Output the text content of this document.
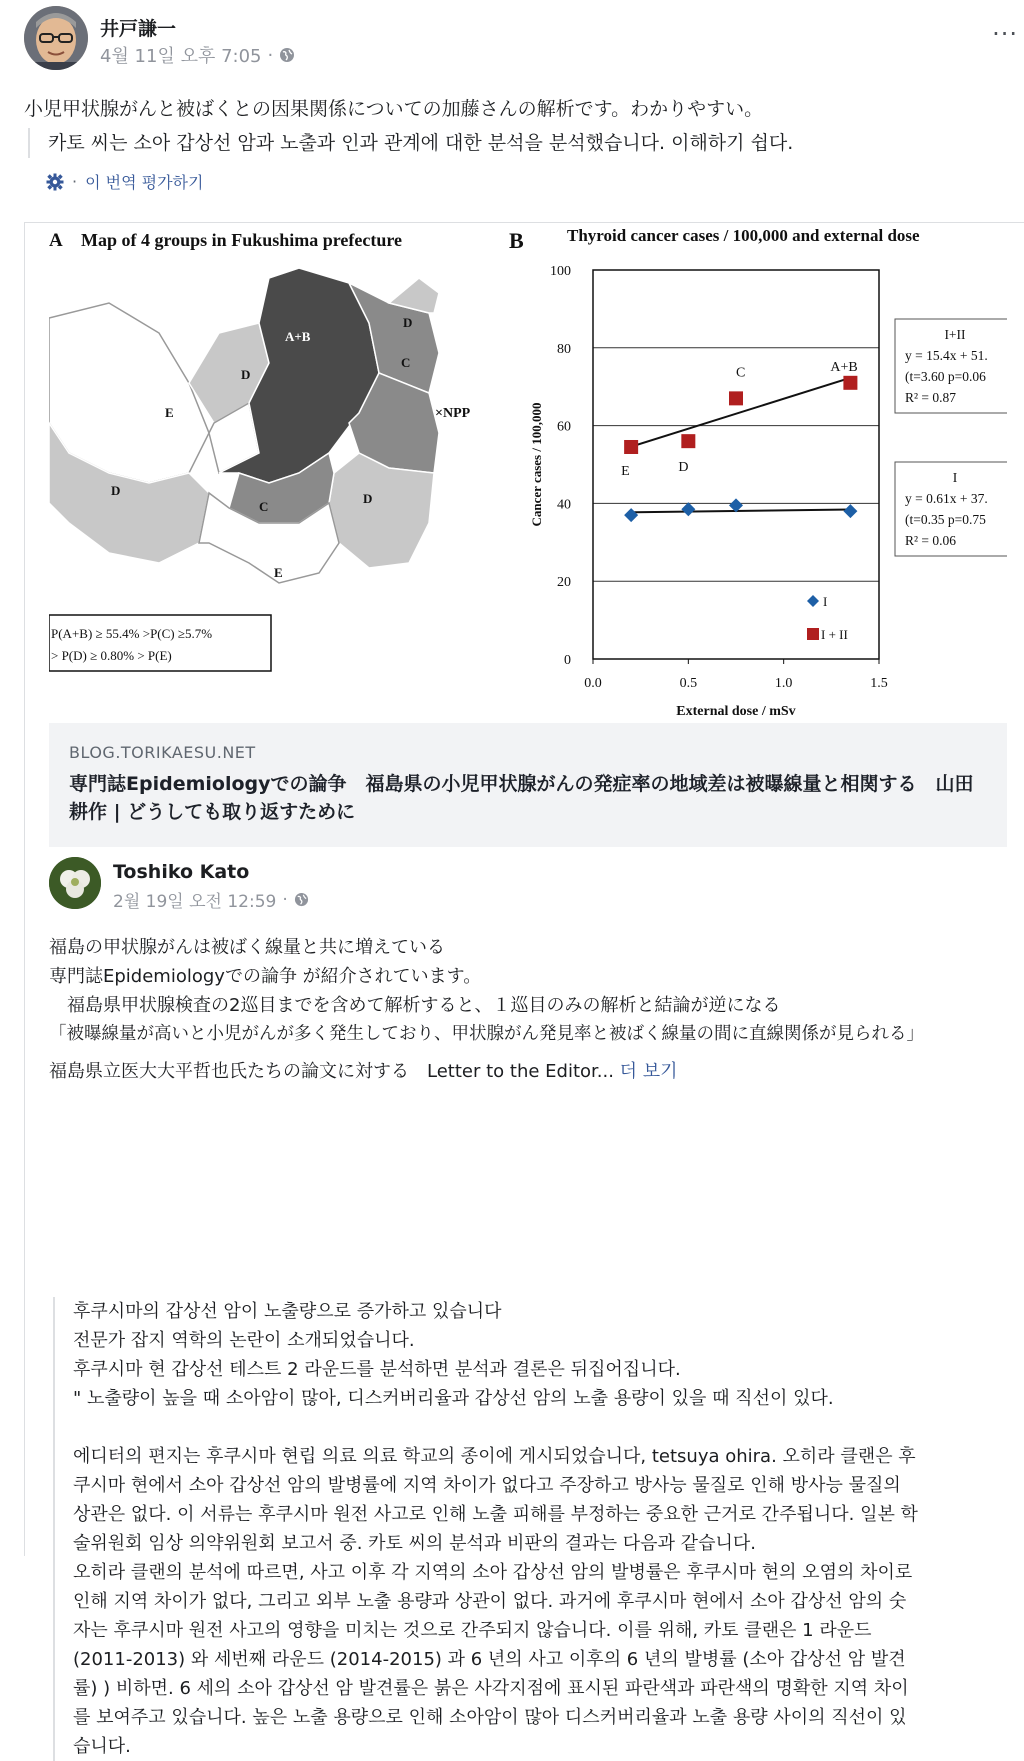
井戸謙一
4월 11일 오후 7:05 ·
···
小児甲状腺がんと被ばくとの因果関係についての加藤さんの解析です。わかりやすい。
카토 씨는 소아 갑상선 암과 노출과 인과 관계에 대한 분석을 분석했습니다. 이해하기 쉽다.
· 이 번역 평가하기
A Map of 4 groups in Fukushima prefecture
A+B
D
D
C
E
C
D
D
E
×NPP
P(A+B) ≥ 55.4% >P(C) ≥5.7%
> P(D) ≥ 0.80% > P(E)
B	Thyroid cancer cases / 100,000 and external dose
0
20
40
60
80
100
0.0	0.5	1.0	1.5
External dose / mSv
Cancer cases / 100,000	I
y = 0.61x + 37.
(t=0.35 p=0.75
R² = 0.06
E	D
C	A+B
I+II
y = 15.4x + 51.
(t=3.60 p=0.06
R² = 0.87
I
I + II
BLOG.TORIKAESU.NET
専門誌Epidemiologyでの論争　福島県の小児甲状腺がんの発症率の地域差は被曝線量と相関する　山田耕作 | どうしても取り返すために
Toshiko Kato
2월 19일 오전 12:59 ·
福島の甲状腺がんは被ばく線量と共に増えている
専門誌Epidemiologyでの論争 が紹介されています。
　福島県甲状腺検査の2巡目までを含めて解析すると、１巡目のみの解析と結論が逆になる
「被曝線量が高いと小児がんが多く発生しており、甲状腺がん発見率と被ばく線量の間に直線関係が見られる」
福島県立医大大平哲也氏たちの論文に対する　Letter to the Editor... 더 보기

후쿠시마의 갑상선 암이 노출량으로 증가하고 있습니다

전문가 잡지 역학의 논란이 소개되었습니다.

후쿠시마 현 갑상선 테스트 2 라운드를 분석하면 분석과 결론은 뒤집어집니다.

" 노출량이 높을 때 소아암이 많아, 디스커버리율과 갑상선 암의 노출 용량이 있을 때 직선이 있다.

에디터의 편지는 후쿠시마 현립 의료 의료 학교의 종이에 게시되었습니다, tetsuya ohira. 오히라 클랜은 후

쿠시마 현에서 소아 갑상선 암의 발병률에 지역 차이가 없다고 주장하고 방사능 물질로 인해 방사능 물질의

상관은 없다. 이 서류는 후쿠시마 원전 사고로 인해 노출 피해를 부정하는 중요한 근거로 간주됩니다. 일본 학

술위원회 임상 의약위원회 보고서 중. 카토 씨의 분석과 비판의 결과는 다음과 같습니다.

오히라 클랜의 분석에 따르면, 사고 이후 각 지역의 소아 갑상선 암의 발병률은 후쿠시마 현의 오염의 차이로

인해 지역 차이가 없다, 그리고 외부 노출 용량과 상관이 없다. 과거에 후쿠시마 현에서 소아 갑상선 암의 숫

자는 후쿠시마 원전 사고의 영향을 미치는 것으로 간주되지 않습니다. 이를 위해, 카토 클랜은 1 라운드

(2011-2013) 와 세번째 라운드 (2014-2015) 과 6 년의 사고 이후의 6 년의 발병률 (소아 갑상선 암 발견

률) ) 비하면. 6 세의 소아 갑상선 암 발견률은 붉은 사각지점에 표시된 파란색과 파란색의 명확한 지역 차이

를 보여주고 있습니다. 높은 노출 용량으로 인해 소아암이 많아 디스커버리율과 노출 용량 사이의 직선이 있

습니다.
